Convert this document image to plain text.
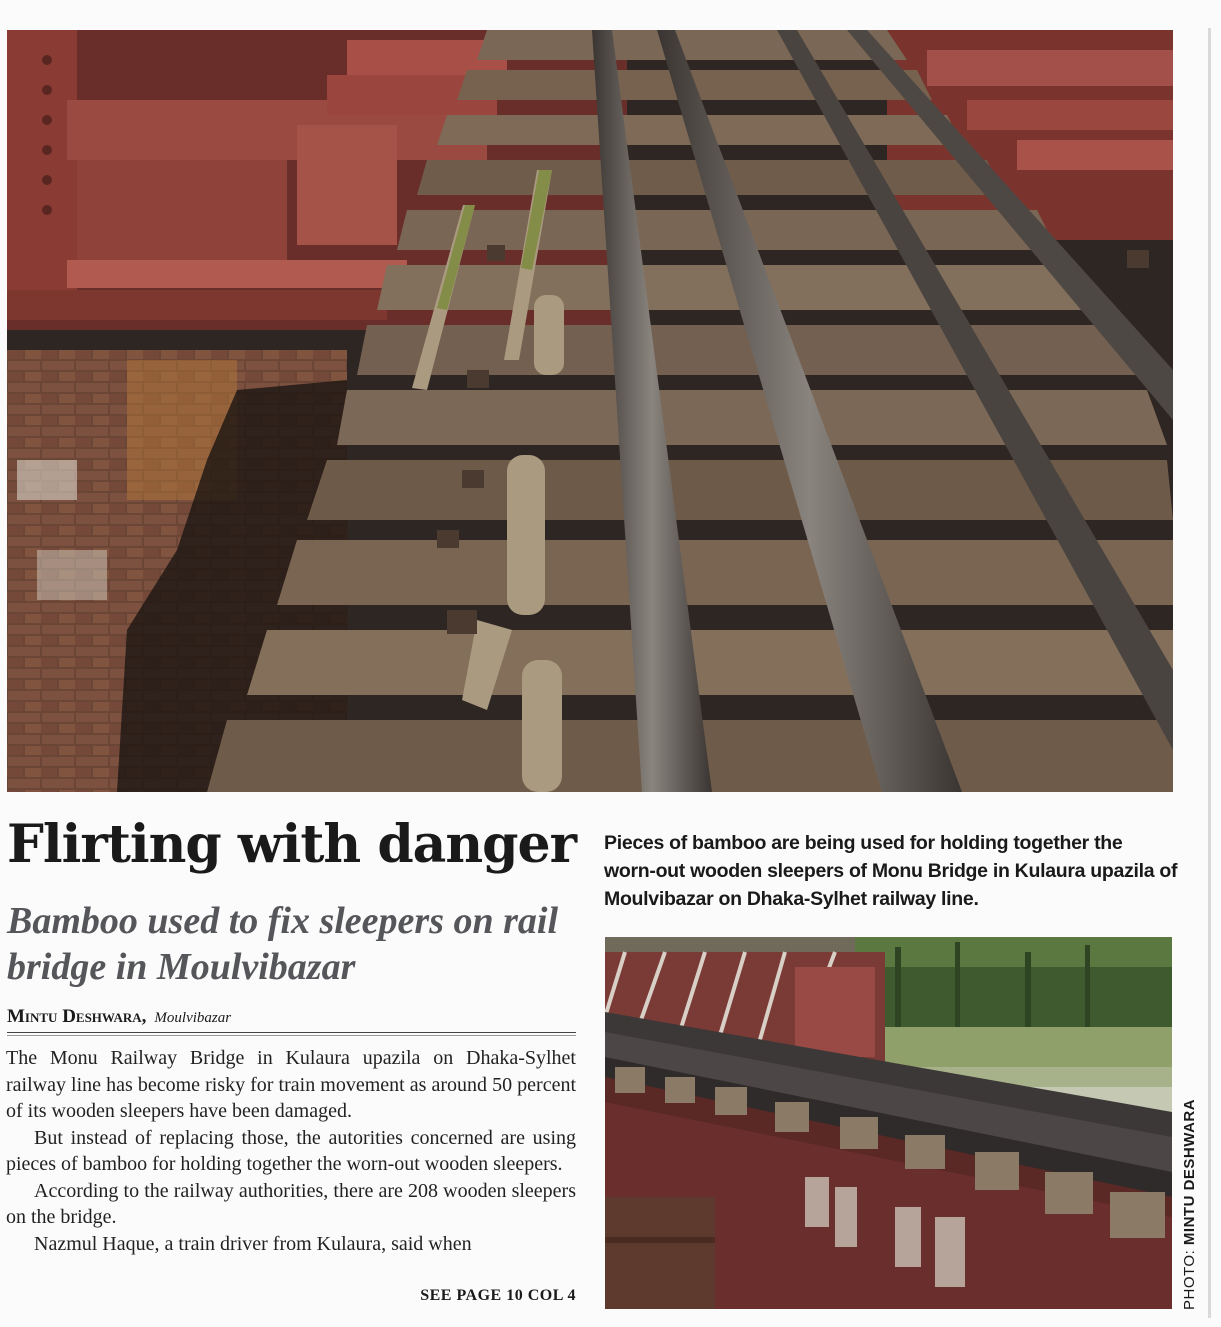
Flirting with danger
Bamboo used to fix sleepers on rail bridge in Moulvibazar
Mintu Deshwara, Moulvibazar

The Monu Railway Bridge in Kulaura upazila on Dhaka-Sylhet railway line has become risky for train movement as around 50 percent of its wooden sleepers have been damaged.

But instead of replacing those, the autorities concerned are using pieces of bamboo for holding together the worn-out wooden sleepers.

According to the railway authorities, there are 208 wooden sleepers on the bridge.

Nazmul Haque, a train driver from Kulaura, said when

SEE PAGE 10 COL 4
Pieces of bamboo are being used for holding together the worn-out wooden sleepers of Monu Bridge in Kulaura upazila of Moulvibazar on Dhaka-Sylhet railway line.
PHOTO: MINTU DESHWARA
